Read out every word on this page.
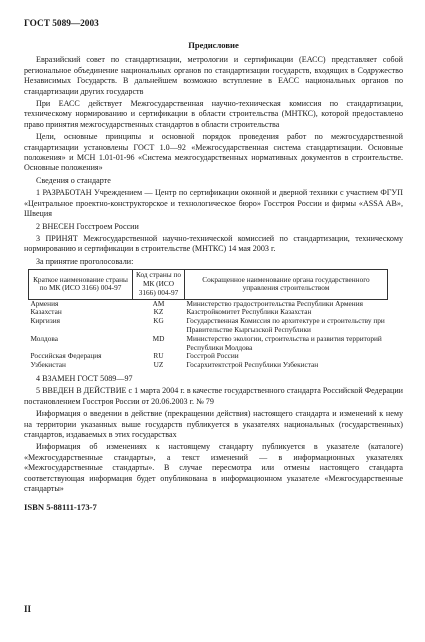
ГОСТ 5089—2003
Предисловие

Евразийский совет по стандартизации, метрологии и сертификации (ЕАСС) представляет собой региональное объединение национальных органов по стандартизации государств, входящих в Содружество Независимых Государств. В дальнейшем возможно вступление в ЕАСС национальных органов по стандартизации других государств

При ЕАСС действует Межгосударственная научно-техническая комиссия по стандартизации, техническому нормированию и сертификации в области строительства (МНТКС), которой предоставлено право принятия межгосударственных стандартов в области строительства

Цели, основные принципы и основной порядок проведения работ по межгосударственной стандартизации установлены ГОСТ 1.0—92 «Межгосударственная система стандартизации. Основные положения» и МСН 1.01-01-96 «Система межгосударственных нормативных документов в строительстве. Основные положения»

Сведения о стандарте

1 РАЗРАБОТАН Учреждением — Центр по сертификации оконной и дверной техники с участием ФГУП «Центральное проектно-конструкторское и технологическое бюро» Госстроя России и фирмы «ASSA AB», Швеция

2 ВНЕСЕН Госстроем России

3 ПРИНЯТ Межгосударственной научно-технической комиссией по стандартизации, техническому нормированию и сертификации в строительстве (МНТКС) 14 мая 2003 г.

За принятие проголосовали:

Краткое наименование страны по МК (ИСО 3166) 004-97	Код страны по МК (ИСО 3166) 004-97	Сокращенное наименование органа государственного управления строительством
Армения	AM	Министерство градостроительства Республики Армения
Казахстан	KZ	Казстройкомитет Республики Казахстан
Киргизия	KG	Государственная Комиссия по архитектуре и строительству при Правительстве Кыргызской Республики
Молдова	MD	Министерство экологии, строительства и развития территорий Республики Молдова
Российская Федерация	RU	Госстрой России
Узбекистан	UZ	Госархитектстрой Республики Узбекистан

4 ВЗАМЕН ГОСТ 5089—97

5 ВВЕДЕН В ДЕЙСТВИЕ с 1 марта 2004 г. в качестве государственного стандарта Российской Федерации постановлением Госстроя России от 20.06.2003 г. № 79

Информация о введении в действие (прекращении действия) настоящего стандарта и изменений к нему на территории указанных выше государств публикуется в указателях национальных (государственных) стандартов, издаваемых в этих государствах

Информация об изменениях к настоящему стандарту публикуется в указателе (каталоге) «Межгосударственные стандарты», а текст изменений — в информационных указателях «Межгосударственные стандарты». В случае пересмотра или отмены настоящего стандарта соответствующая информация будет опубликована в информационном указателе «Межгосударственные стандарты»

ISBN 5-88111-173-7
II
